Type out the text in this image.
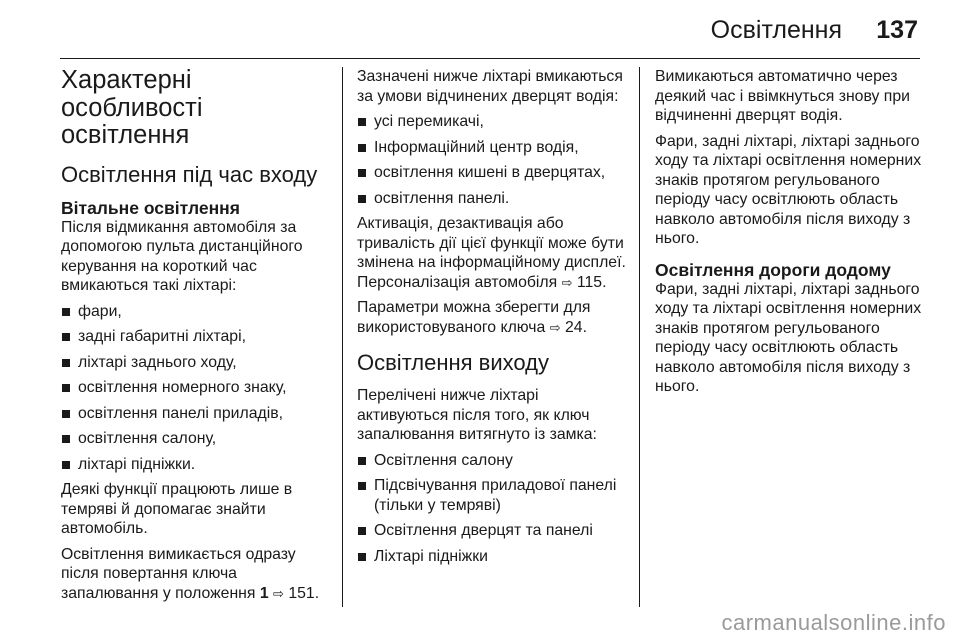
Освітлення 137
Характерні особливості освітлення
Освітлення під час входу
Вітальне освітлення

Після відмикання автомобіля за допомогою пульта дистанційного керування на короткий час вмикаються такі ліхтарі:

фари,
задні габаритні ліхтарі,
ліхтарі заднього ходу,
освітлення номерного знаку,
освітлення панелі приладів,
освітлення салону,
ліхтарі підніжки.

Деякі функції працюють лише в темряві й допомагає знайти автомобіль.

Освітлення вимикається одразу після повертання ключа запалювання у положення 1 ⇨ 151.

Зазначені нижче ліхтарі вмикаються за умови відчинених дверцят водія:

усі перемикачі,
Інформаційний центр водія,
освітлення кишені в дверцятах,
освітлення панелі.

Активація, дезактивація або тривалість дії цієї функції може бути змінена на інформаційному дисплеї. Персоналізація автомобіля ⇨ 115.

Параметри можна зберегти для використовуваного ключа ⇨ 24.

Освітлення виходу

Перелічені нижче ліхтарі активуються після того, як ключ запалювання витягнуто із замка:

Освітлення салону
Підсвічування приладової панелі (тільки у темряві)
Освітлення дверцят та панелі
Ліхтарі підніжки

Вимикаються автоматично через деякий час і ввімкнуться знову при відчиненні дверцят водія.

Фари, задні ліхтарі, ліхтарі заднього ходу та ліхтарі освітлення номерних знаків протягом регульованого періоду часу освітлюють область навколо автомобіля після виходу з нього.

Освітлення дороги додому

Фари, задні ліхтарі, ліхтарі заднього ходу та ліхтарі освітлення номерних знаків протягом регульованого періоду часу освітлюють область навколо автомобіля після виходу з нього.

carmanualsonline.info
